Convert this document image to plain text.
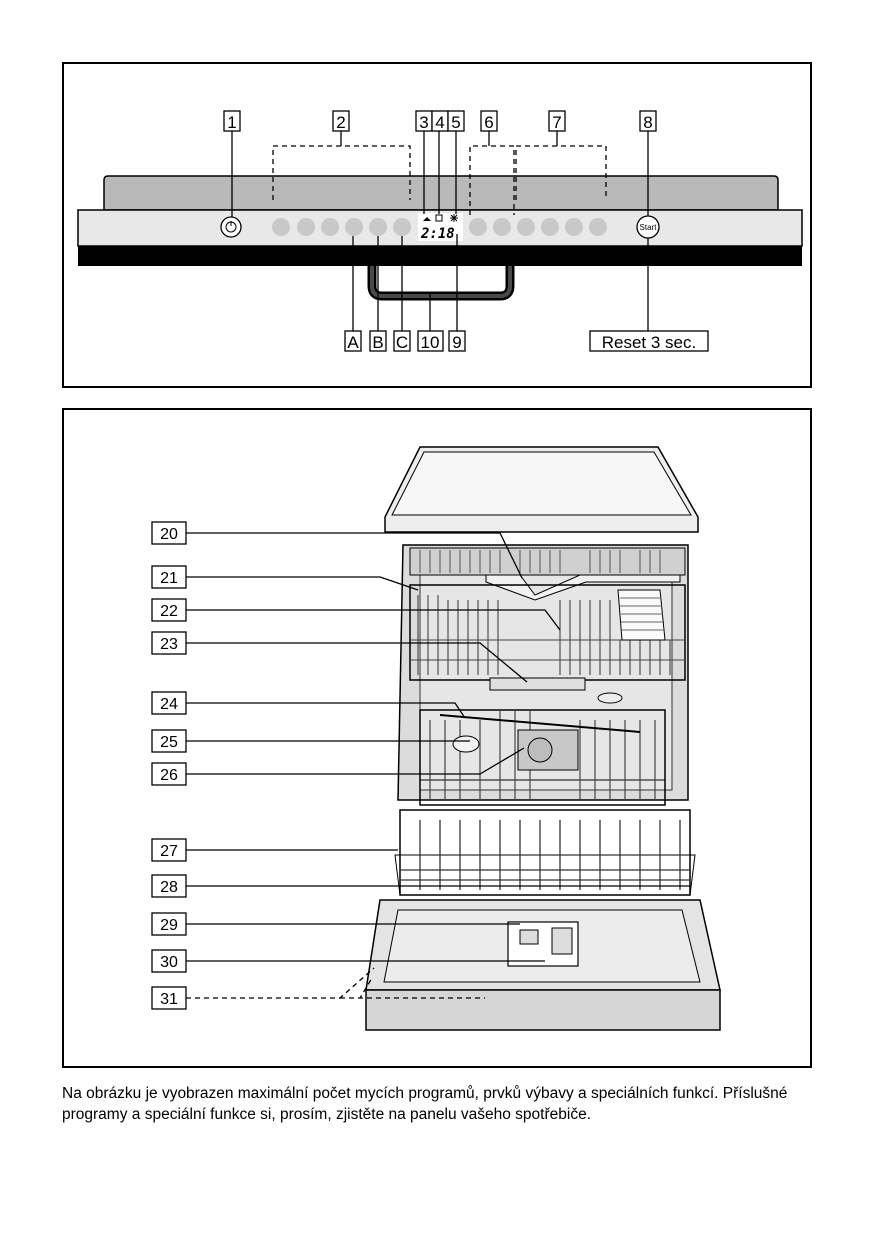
2:18	Start
1	2	3 4 5 6	7	8
A B C 10 9	Reset 3 sec.
20
21
22
23
24
25
26
27
28
29
30
31

Na obrázku je vyobrazen maximální počet mycích programů, prvků výbavy a speciálních funkcí. Příslušné programy a speciální funkce si, prosím, zjistěte na panelu vašeho spotřebiče.
